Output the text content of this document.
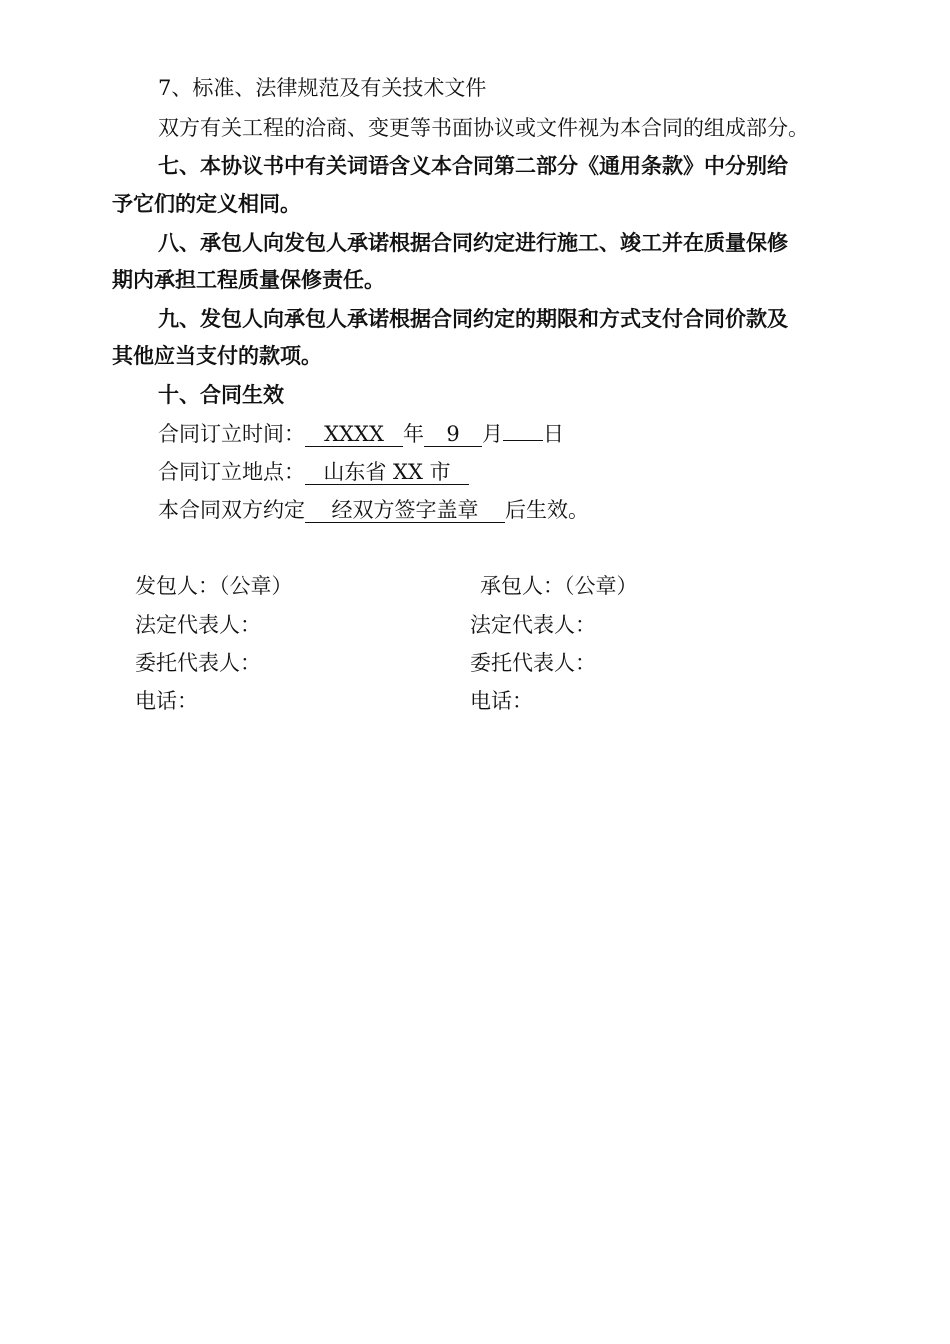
7、标准、法律规范及有关技术文件
双方有关工程的洽商、变更等书面协议或文件视为本合同的组成部分。
七、本协议书中有关词语含义本合同第二部分《通用条款》中分别给
予它们的定义相同。
八、承包人向发包人承诺根据合同约定进行施工、竣工并在质量保修
期内承担工程质量保修责任。
九、发包人向承包人承诺根据合同约定的期限和方式支付合同价款及
其他应当支付的款项。
十、合同生效
合同订立时间： XXXX 年 9 月 日
合同订立地点： 山东省 XX 市
本合同双方约定 经双方签字盖章 后生效。
发包人：（公章）
法定代表人：
委托代表人：
电话：
承包人：（公章）
法定代表人：
委托代表人：
电话：
